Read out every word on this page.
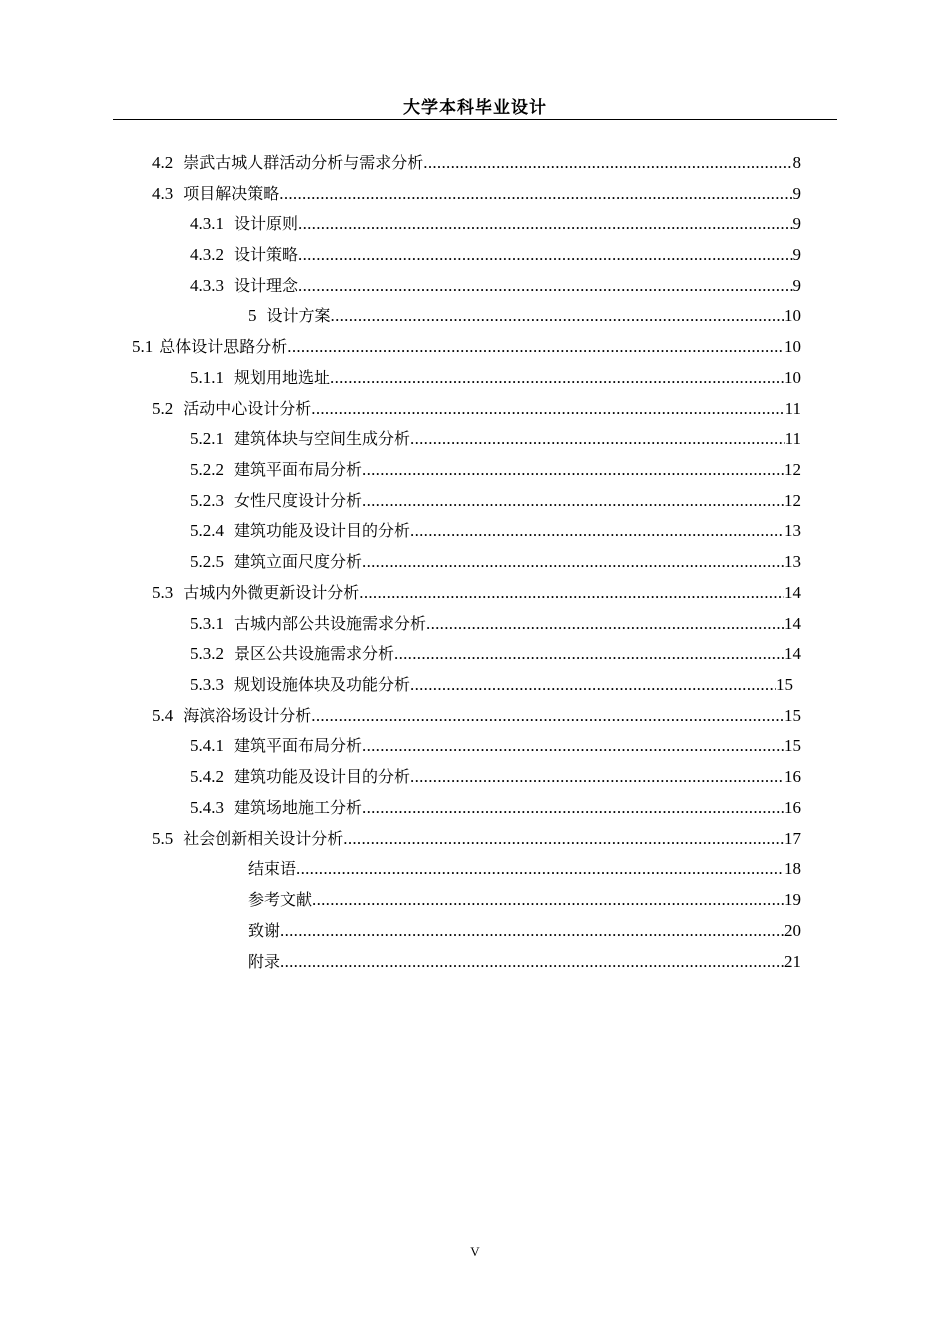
大学本科毕业设计
4.2 崇武古城人群活动分析与需求分析 .....	8
4.3 项目解决策略 .....	9
4.3.1 设计原则 .....	9
4.3.2 设计策略 .....	9
4.3.3 设计理念 .....	9
5 设计方案 .....	10
5.1 总体设计思路分析 .....	10
5.1.1 规划用地选址 .....	10
5.2 活动中心设计分析 .....	11
5.2.1 建筑体块与空间生成分析 .....	11
5.2.2 建筑平面布局分析 .....	12
5.2.3 女性尺度设计分析 .....	12
5.2.4 建筑功能及设计目的分析 .....	13
5.2.5 建筑立面尺度分析 .....	13
5.3 古城内外微更新设计分析 .....	14
5.3.1 古城内部公共设施需求分析 .....	14
5.3.2 景区公共设施需求分析 .....	14
5.3.3 规划设施体块及功能分析 .....	15
5.4 海滨浴场设计分析 .....	15
5.4.1 建筑平面布局分析 .....	15
5.4.2 建筑功能及设计目的分析 .....	16
5.4.3 建筑场地施工分析 .....	16
5.5 社会创新相关设计分析 .....	17
结束语 .....	18
参考文献 .....	19
致谢 .....	20
附录 .....	21
V
